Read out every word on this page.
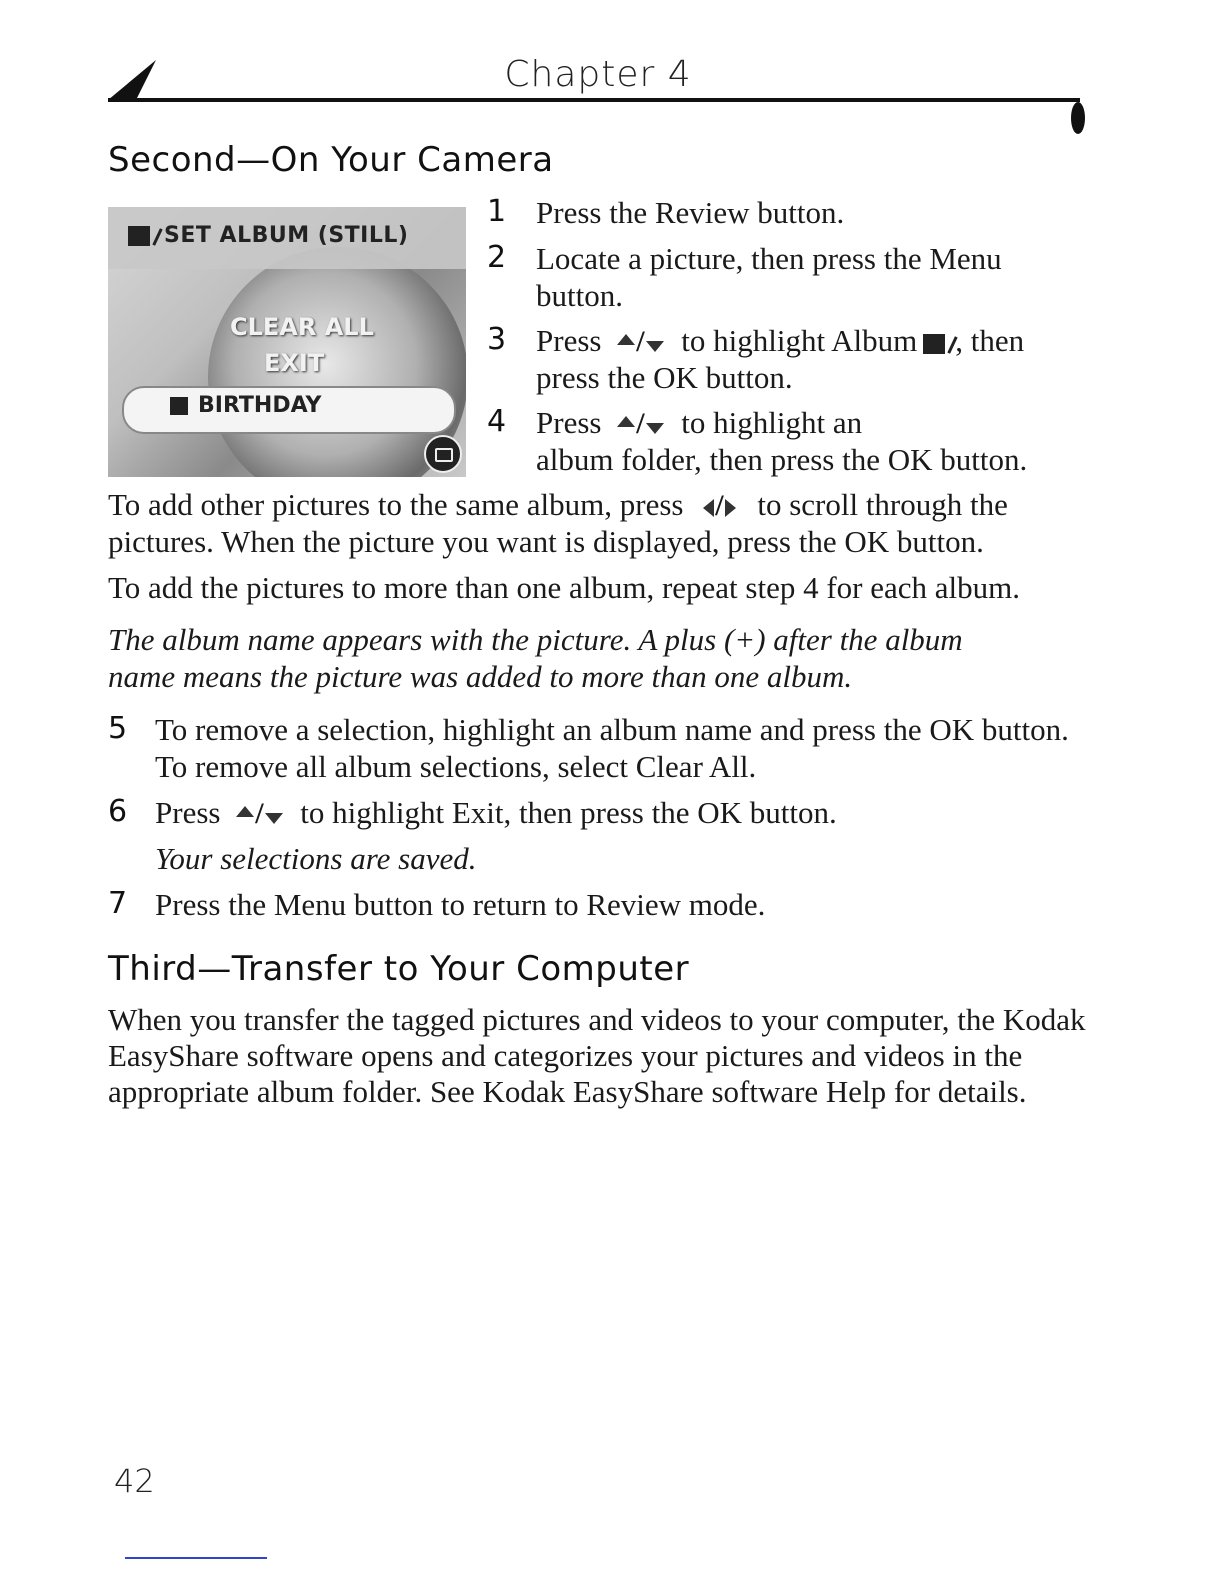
Chapter 4
Second—On Your Camera
SET ALBUM (STILL)
CLEAR ALL
EXIT
BIRTHDAY
1 Press the Review button.
2 Locate a picture, then press the Menu
button.
3 Press / to highlight Album , then
press the OK button.
4 Press / to highlight an
album folder, then press the OK button.
To add other pictures to the same album, press / to scroll through the
pictures. When the picture you want is displayed, press the OK button.
To add the pictures to more than one album, repeat step 4 for each album.
The album name appears with the picture. A plus (+) after the album
name means the picture was added to more than one album.
5 To remove a selection, highlight an album name and press the OK button.
To remove all album selections, select Clear All.
6 Press / to highlight Exit, then press the OK button.
Your selections are saved.
7 Press the Menu button to return to Review mode.
Third—Transfer to Your Computer
When you transfer the tagged pictures and videos to your computer, the Kodak
EasyShare software opens and categorizes your pictures and videos in the
appropriate album folder. See Kodak EasyShare software Help for details.
42
